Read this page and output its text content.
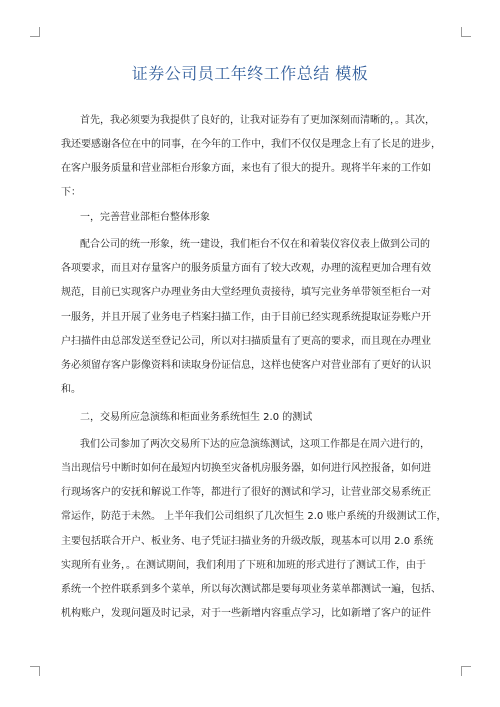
证券公司员工年终工作总结 模板
首先，我必须要为我提供了良好的，让我对证券有了更加深刻而清晰的，。其次，
我还要感谢各位在中的同事，在今年的工作中，我们不仅仅是理念上有了长足的进步，
在客户服务质量和营业部柜台形象方面，来也有了很大的提升。现将半年来的工作如
下：
一，完善营业部柜台整体形象
配合公司的统一形象，统一建设，我们柜台不仅在和着装仪容仪表上做到公司的
各项要求，而且对存量客户的服务质量方面有了较大改观，办理的流程更加合理有效
规范，目前已实现客户办理业务由大堂经理负责接待，填写完业务单带领至柜台一对
一服务，并且开展了业务电子档案扫描工作，由于目前已经实现系统提取证券账户开
户扫描件由总部发送至登记公司，所以对扫描质量有了更高的要求，而且现在办理业
务必须留存客户影像资料和读取身份证信息，这样也使客户对营业部有了更好的认识
和。
二，交易所应急演练和柜面业务系统恒生 2.0 的测试
我们公司参加了两次交易所下达的应急演练测试，这项工作都是在周六进行的，
当出现信号中断时如何在最短内切换至灾备机房服务器，如何进行风控报备，如何进
行现场客户的安抚和解说工作等，都进行了很好的测试和学习，让营业部交易系统正
常运作，防范于未然。 上半年我们公司组织了几次恒生 2.0 账户系统的升级测试工作，
主要包括联合开户、板业务、电子凭证扫描业务的升级改版，现基本可以用 2.0 系统
实现所有业务，。在测试期间，我们利用了下班和加班的形式进行了测试工作，由于
系统一个控件联系到多个菜单，所以每次测试都是要每项业务菜单都测试一遍，包括、
机构账户，发现问题及时记录，对于一些新增内容重点学习，比如新增了客户的证件
